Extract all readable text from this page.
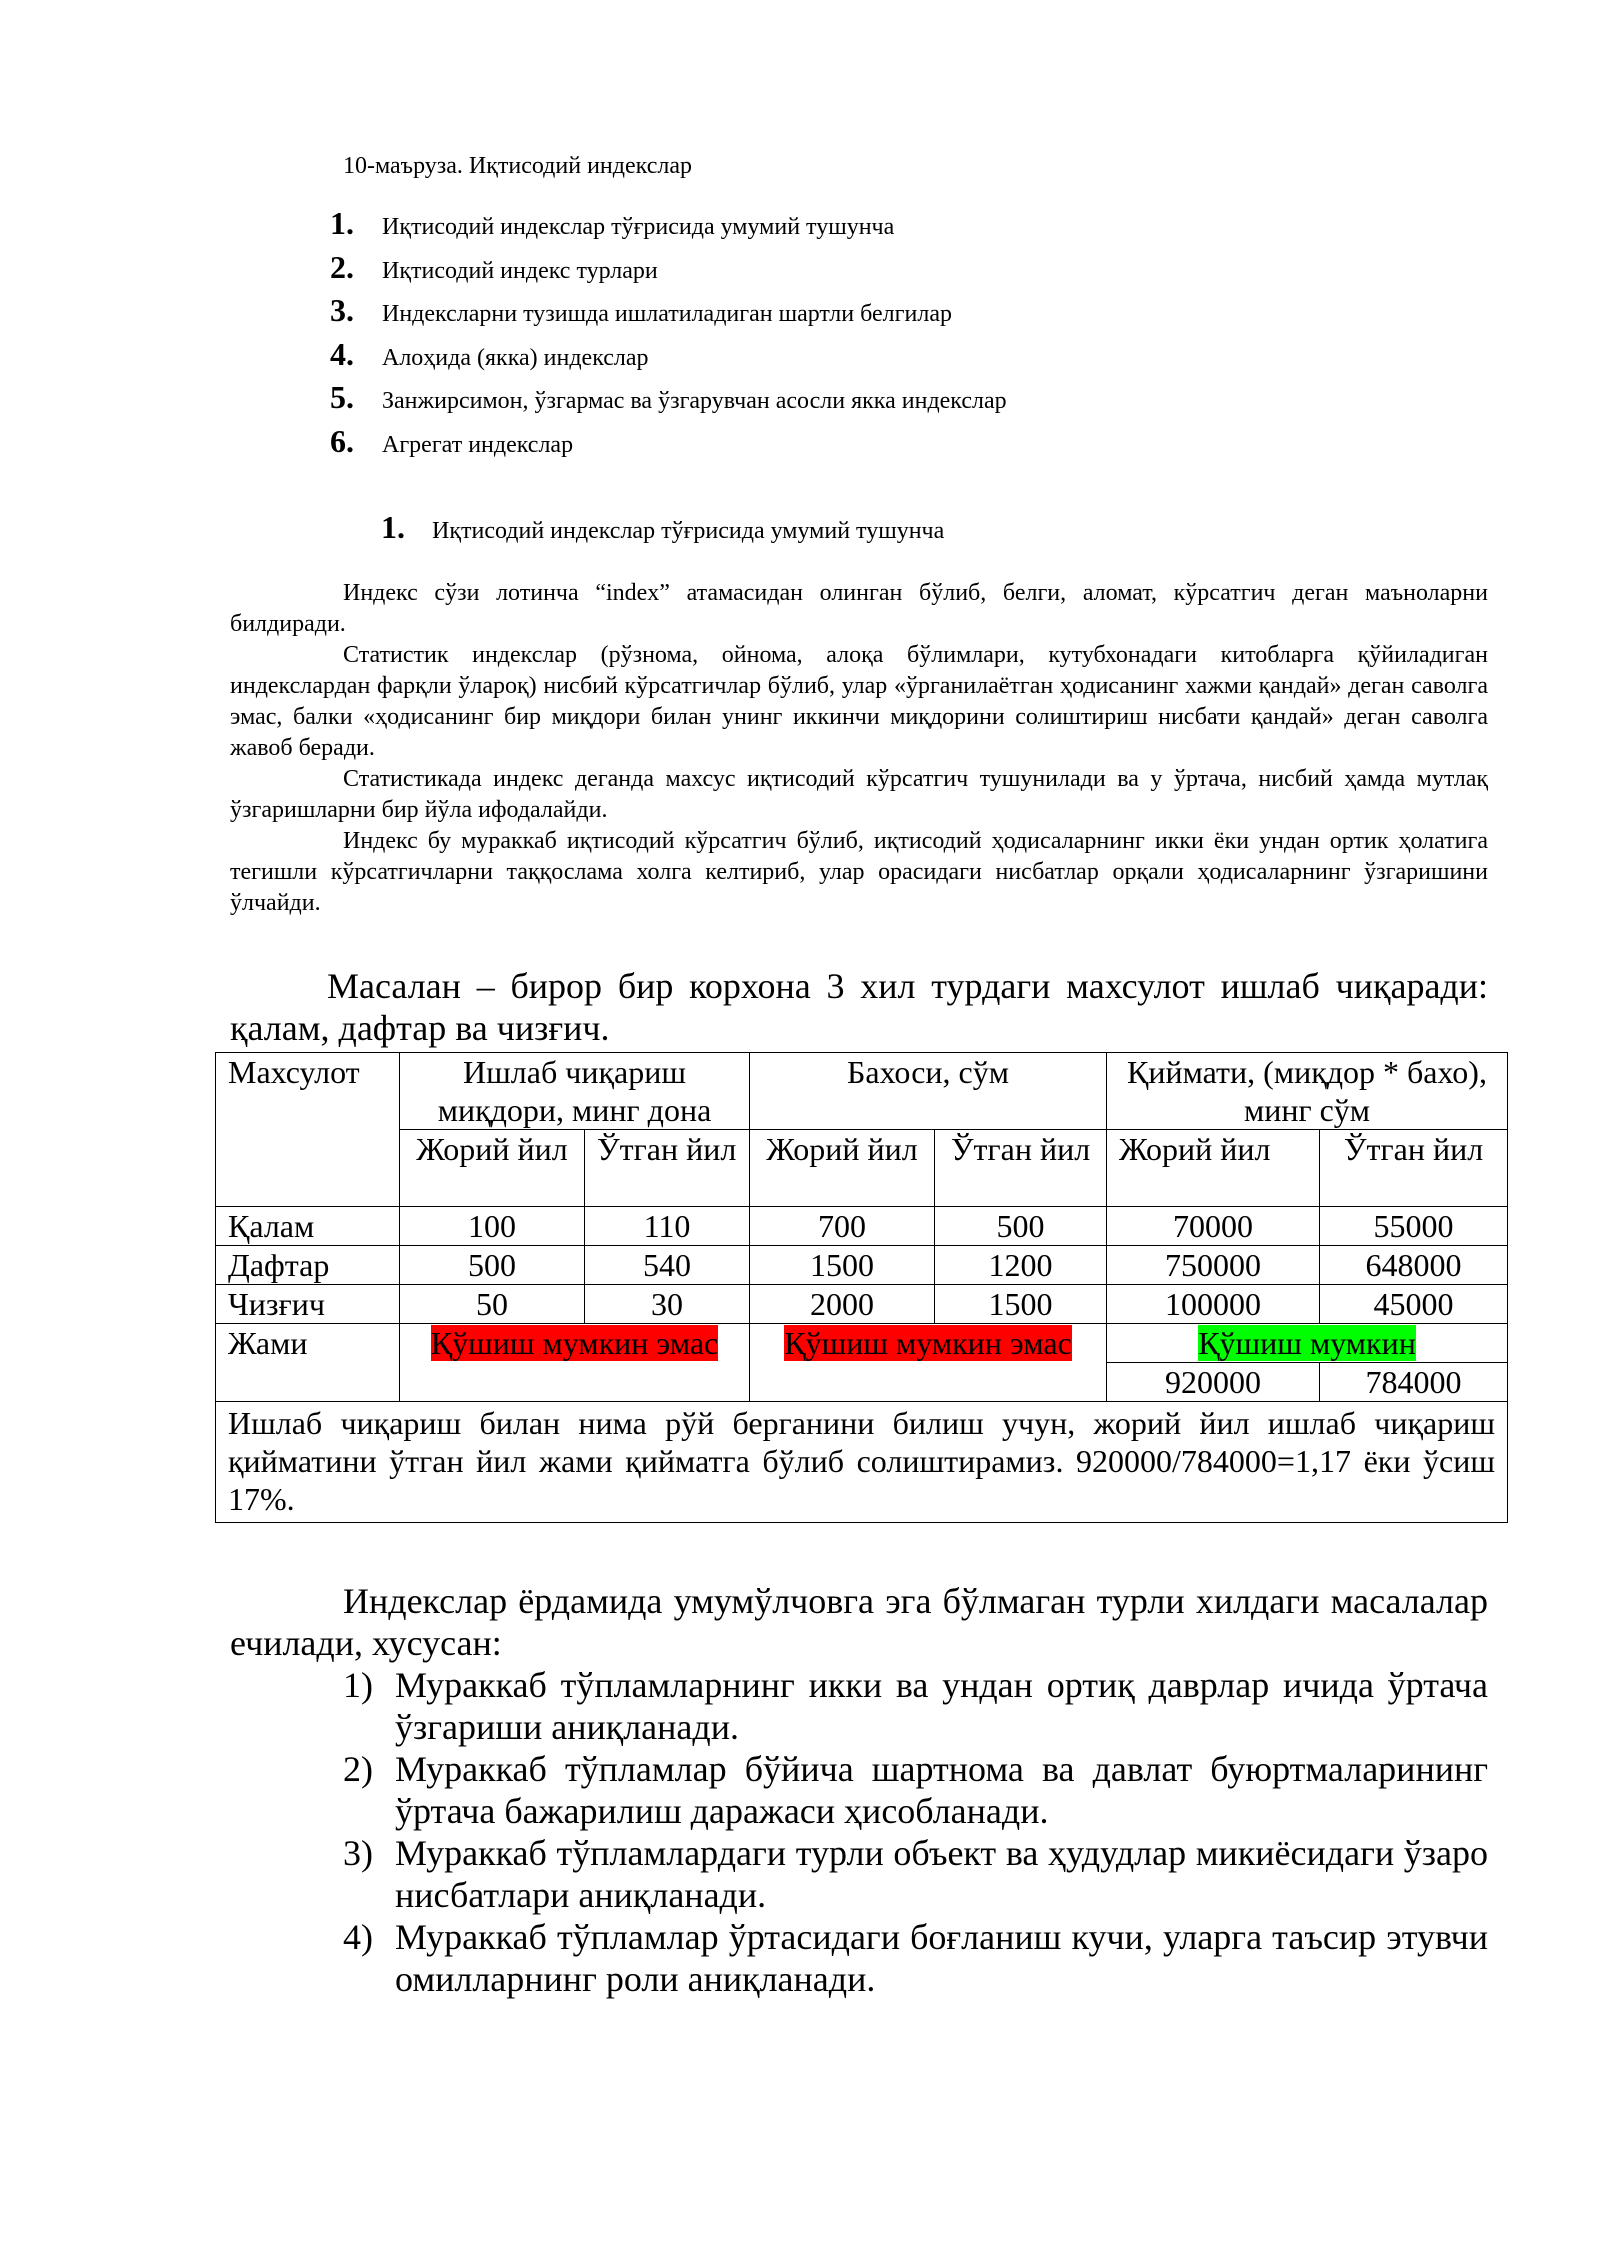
10-маъруза. Иқтисодий индекслар
1.	Иқтисодий индекслар тўғрисида умумий тушунча
2.	Иқтисодий индекс турлари
3.	Индексларни тузишда ишлатиладиган шартли белгилар
4.	Алоҳида (якка) индекслар
5.	Занжирсимон, ўзгармас ва ўзгарувчан асосли якка индекслар
6.	Агрегат индекслар
1.	Иқтисодий индекслар тўғрисида умумий тушунча

Индекс сўзи лотинча “index” атамасидан олинган бўлиб, белги, аломат, кўрсатгич деган маъноларни билдиради.

Статистик индекслар (рўзнома, ойнома, алоқа бўлимлари, кутубхонадаги китобларга қўйиладиган индекслардан фарқли ўлароқ) нисбий кўрсатгичлар бўлиб, улар «ўрганилаётган ҳодисанинг хажми қандай» деган саволга эмас, балки «ҳодисанинг бир миқдори билан унинг иккинчи миқдорини солиштириш нисбати қандай» деган саволга жавоб беради.

Статистикада индекс деганда махсус иқтисодий кўрсатгич тушунилади ва у ўртача, нисбий ҳамда мутлақ ўзгаришларни бир йўла ифодалайди.

Индекс бу мураккаб иқтисодий кўрсатгич бўлиб, иқтисодий ҳодисаларнинг икки ёки ундан ортик ҳолатига тегишли кўрсатгичларни таққослама холга келтириб, улар орасидаги нисбатлар орқали ҳодисаларнинг ўзгаришини ўлчайди.

Масалан – бирор бир корхона 3 хил турдаги махсулот ишлаб чиқаради: қалам, дафтар ва чизғич.

Махсулот	Ишлаб чиқариш миқдори, минг дона		Бахоси, сўм		Қиймати, (миқдор * бахо), минг сўм	
	Жорий йил	Ўтган йил	Жорий йил	Ўтган йил	Жорий йил	Ўтган йил
Қалам	100	110	700	500	70000	55000
Дафтар	500	540	1500	1200	750000	648000
Чизғич	50	30	2000	1500	100000	45000
Жами	Қўшиш мумкин эмас		Қўшиш мумкин эмас		Қўшиш мумкин	
					920000	784000
Ишлаб чиқариш билан нима рўй берганини билиш учун, жорий йил ишлаб чиқариш қийматини ўтган йил жами қийматга бўлиб солиштирамиз. 920000/784000=1,17 ёки ўсиш 17%.						

Индекслар ёрдамида умумўлчовга эга бўлмаган турли хилдаги масалалар ечилади, хусусан:

1) Мураккаб тўпламларнинг икки ва ундан ортиқ даврлар ичида ўртача ўзгариши аниқланади.
2) Мураккаб тўпламлар бўйича шартнома ва давлат буюртмаларининг ўртача бажарилиш даражаси ҳисобланади.
3) Мураккаб тўпламлардаги турли объект ва ҳудудлар микиёсидаги ўзаро нисбатлари аниқланади.
4) Мураккаб тўпламлар ўртасидаги боғланиш кучи, уларга таъсир этувчи омилларнинг роли аниқланади.
